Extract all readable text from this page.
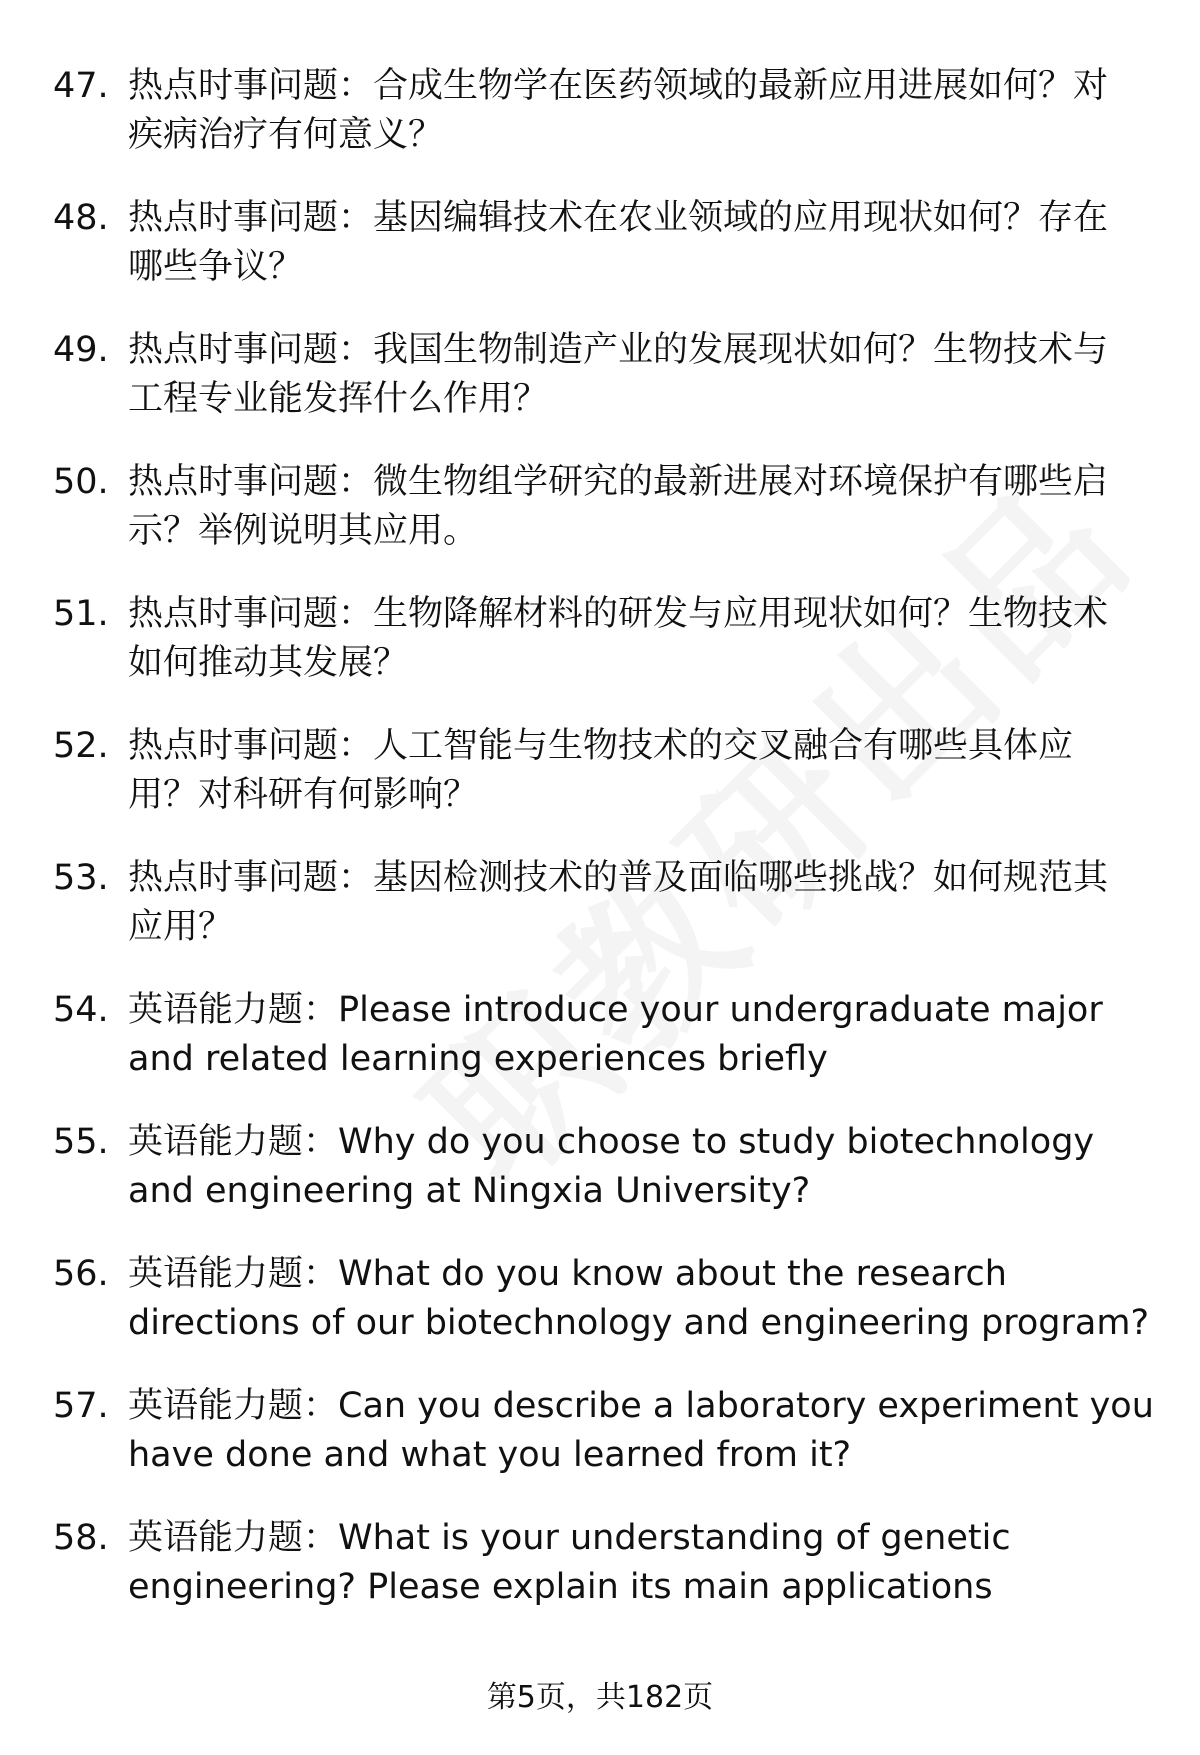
47. 热点时事问题：合成生物学在医药领域的最新应用进展如何？对
疾病治疗有何意义？
48. 热点时事问题：基因编辑技术在农业领域的应用现状如何？存在
哪些争议？
49. 热点时事问题：我国生物制造产业的发展现状如何？生物技术与
工程专业能发挥什么作用？
50. 热点时事问题：微生物组学研究的最新进展对环境保护有哪些启
示？举例说明其应用。
51. 热点时事问题：生物降解材料的研发与应用现状如何？生物技术
如何推动其发展？
52. 热点时事问题：人工智能与生物技术的交叉融合有哪些具体应
用？对科研有何影响？
53. 热点时事问题：基因检测技术的普及面临哪些挑战？如何规范其
应用？
54. 英语能力题：Please introduce your undergraduate major
and related learning experiences briefly
55. 英语能力题：Why do you choose to study biotechnology
and engineering at Ningxia University?
56. 英语能力题：What do you know about the research
directions of our biotechnology and engineering program?
57. 英语能力题：Can you describe a laboratory experiment you
have done and what you learned from it?
58. 英语能力题：What is your understanding of genetic
engineering? Please explain its main applications
第5页，共182页
